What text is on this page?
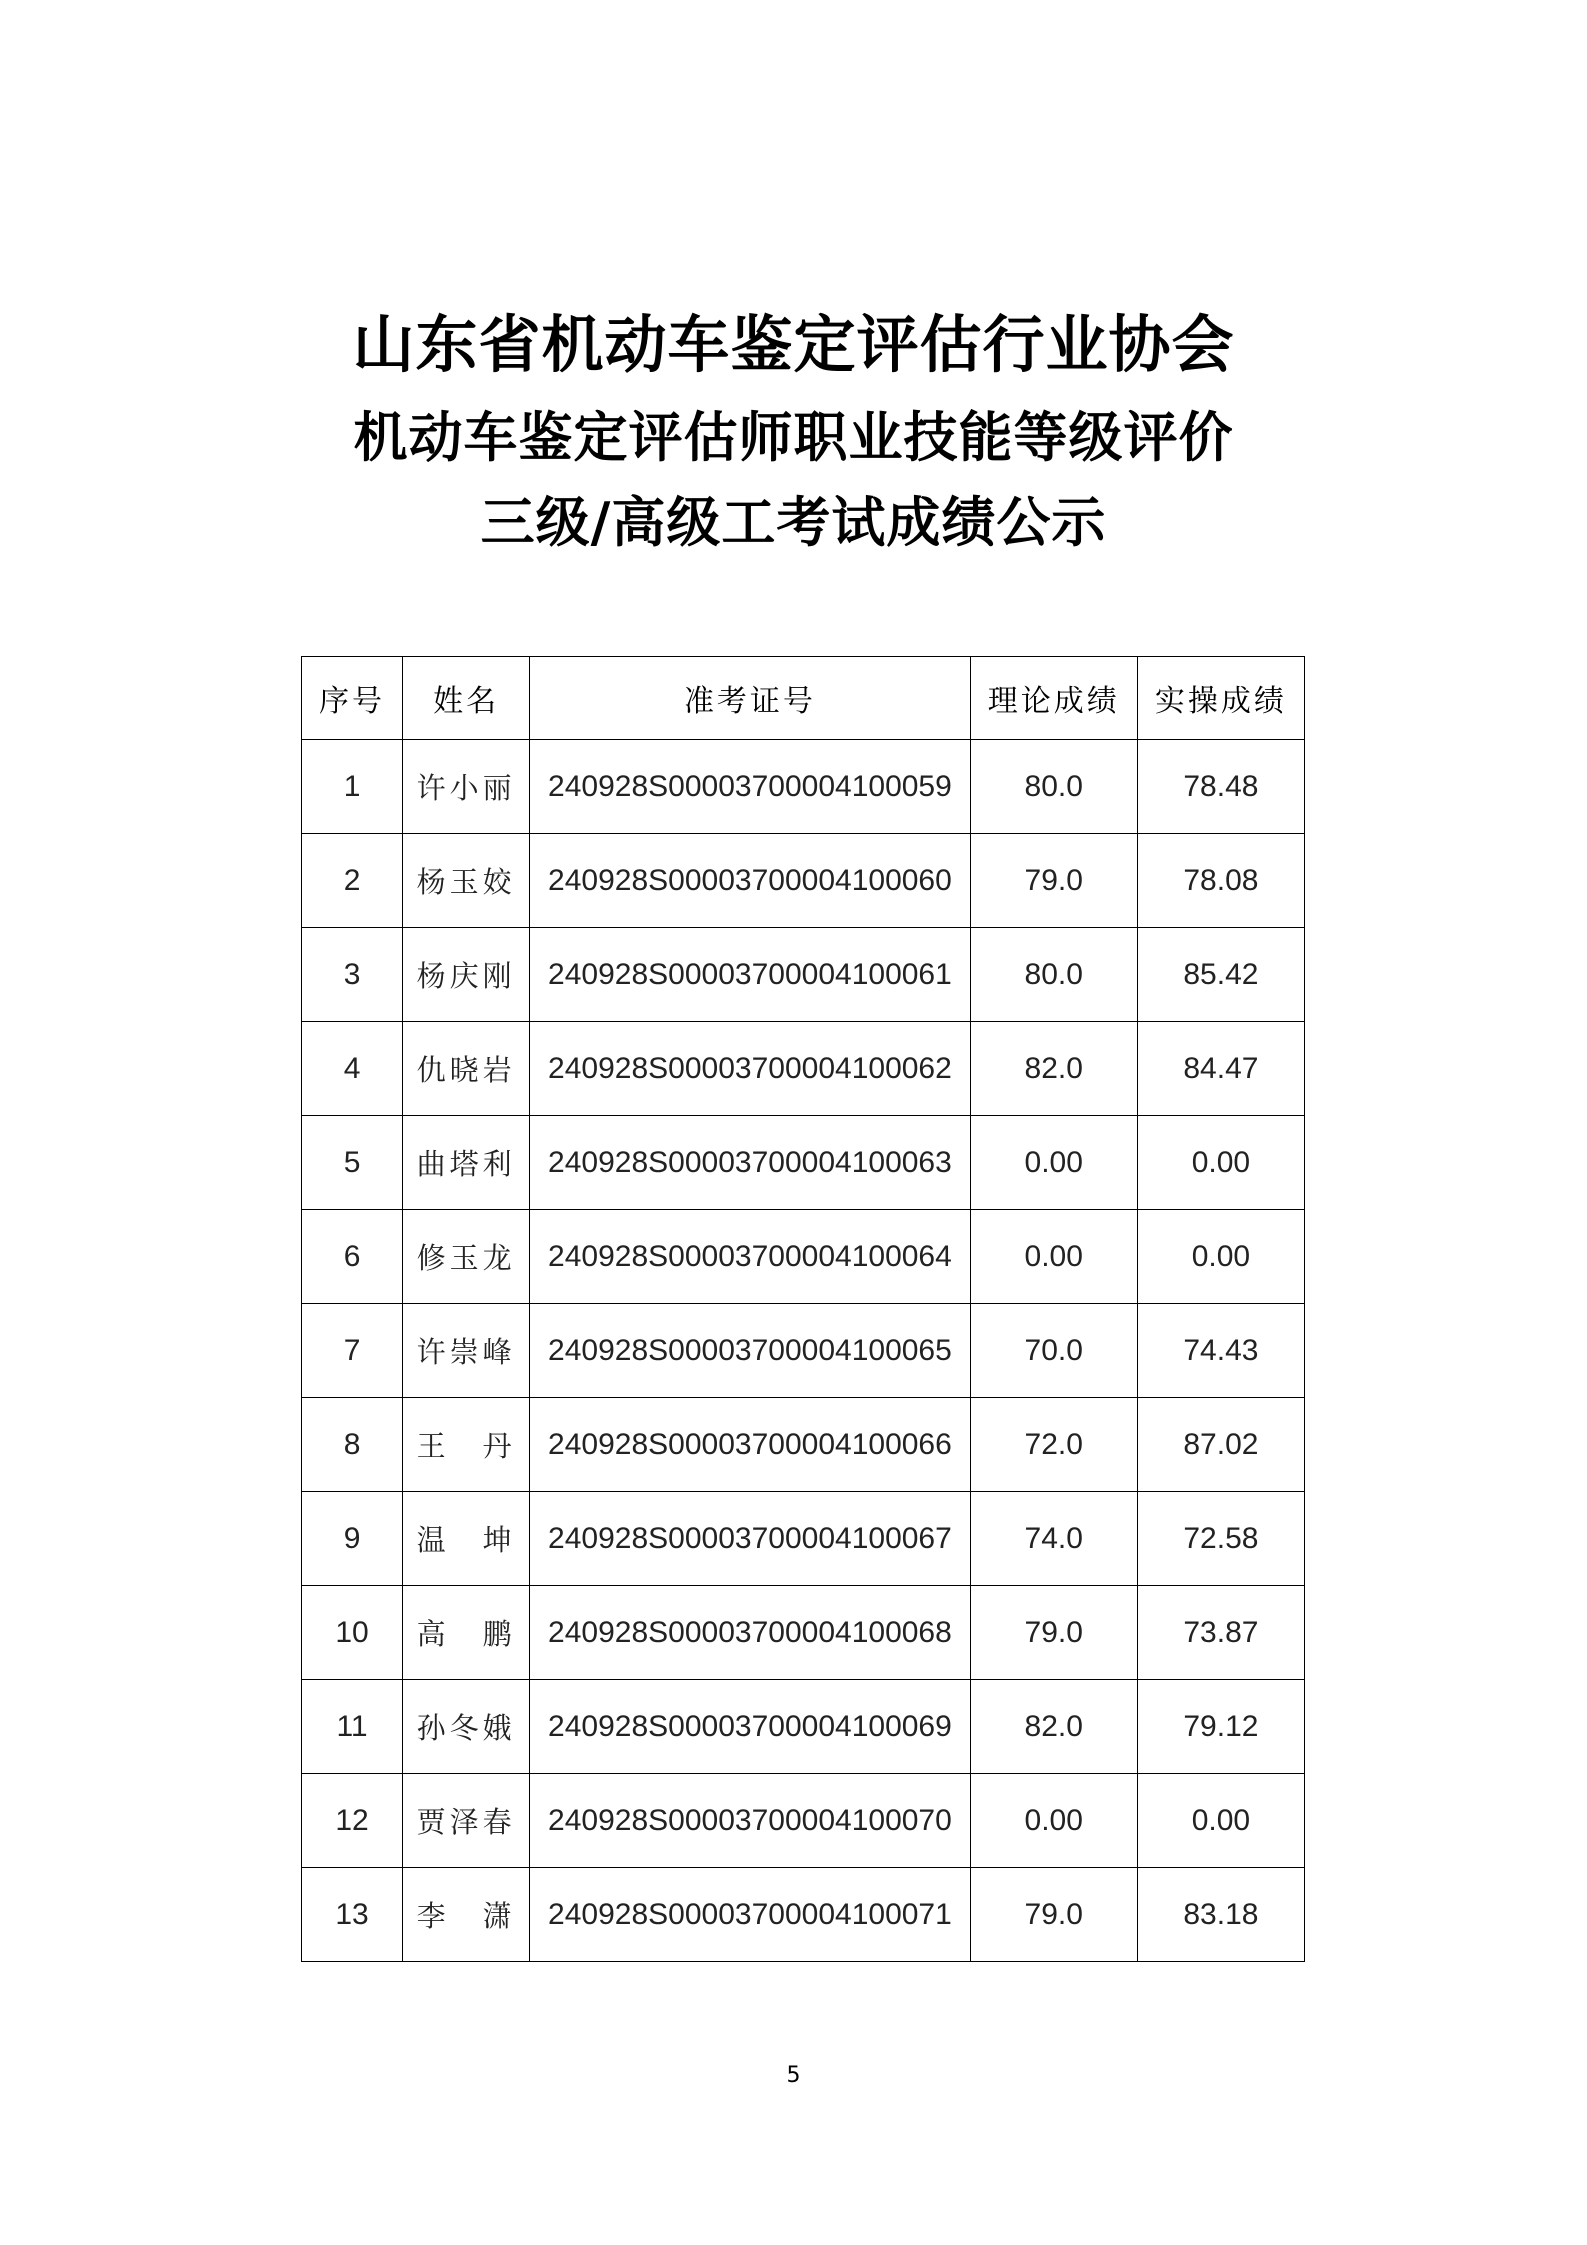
山东省机动车鉴定评估行业协会
机动车鉴定评估师职业技能等级评价
三级/高级工考试成绩公示
序号	姓名	准考证号	理论成绩	实操成绩
1	许小丽	240928S00003700004100059	80.0	78.48
2	杨玉姣	240928S00003700004100060	79.0	78.08
3	杨庆刚	240928S00003700004100061	80.0	85.42
4	仇晓岩	240928S00003700004100062	82.0	84.47
5	曲塔利	240928S00003700004100063	0.00	0.00
6	修玉龙	240928S00003700004100064	0.00	0.00
7	许崇峰	240928S00003700004100065	70.0	74.43
8	王　丹	240928S00003700004100066	72.0	87.02
9	温　坤	240928S00003700004100067	74.0	72.58
10	高　鹏	240928S00003700004100068	79.0	73.87
11	孙冬娥	240928S00003700004100069	82.0	79.12
12	贾泽春	240928S00003700004100070	0.00	0.00
13	李　潇	240928S00003700004100071	79.0	83.18
5
